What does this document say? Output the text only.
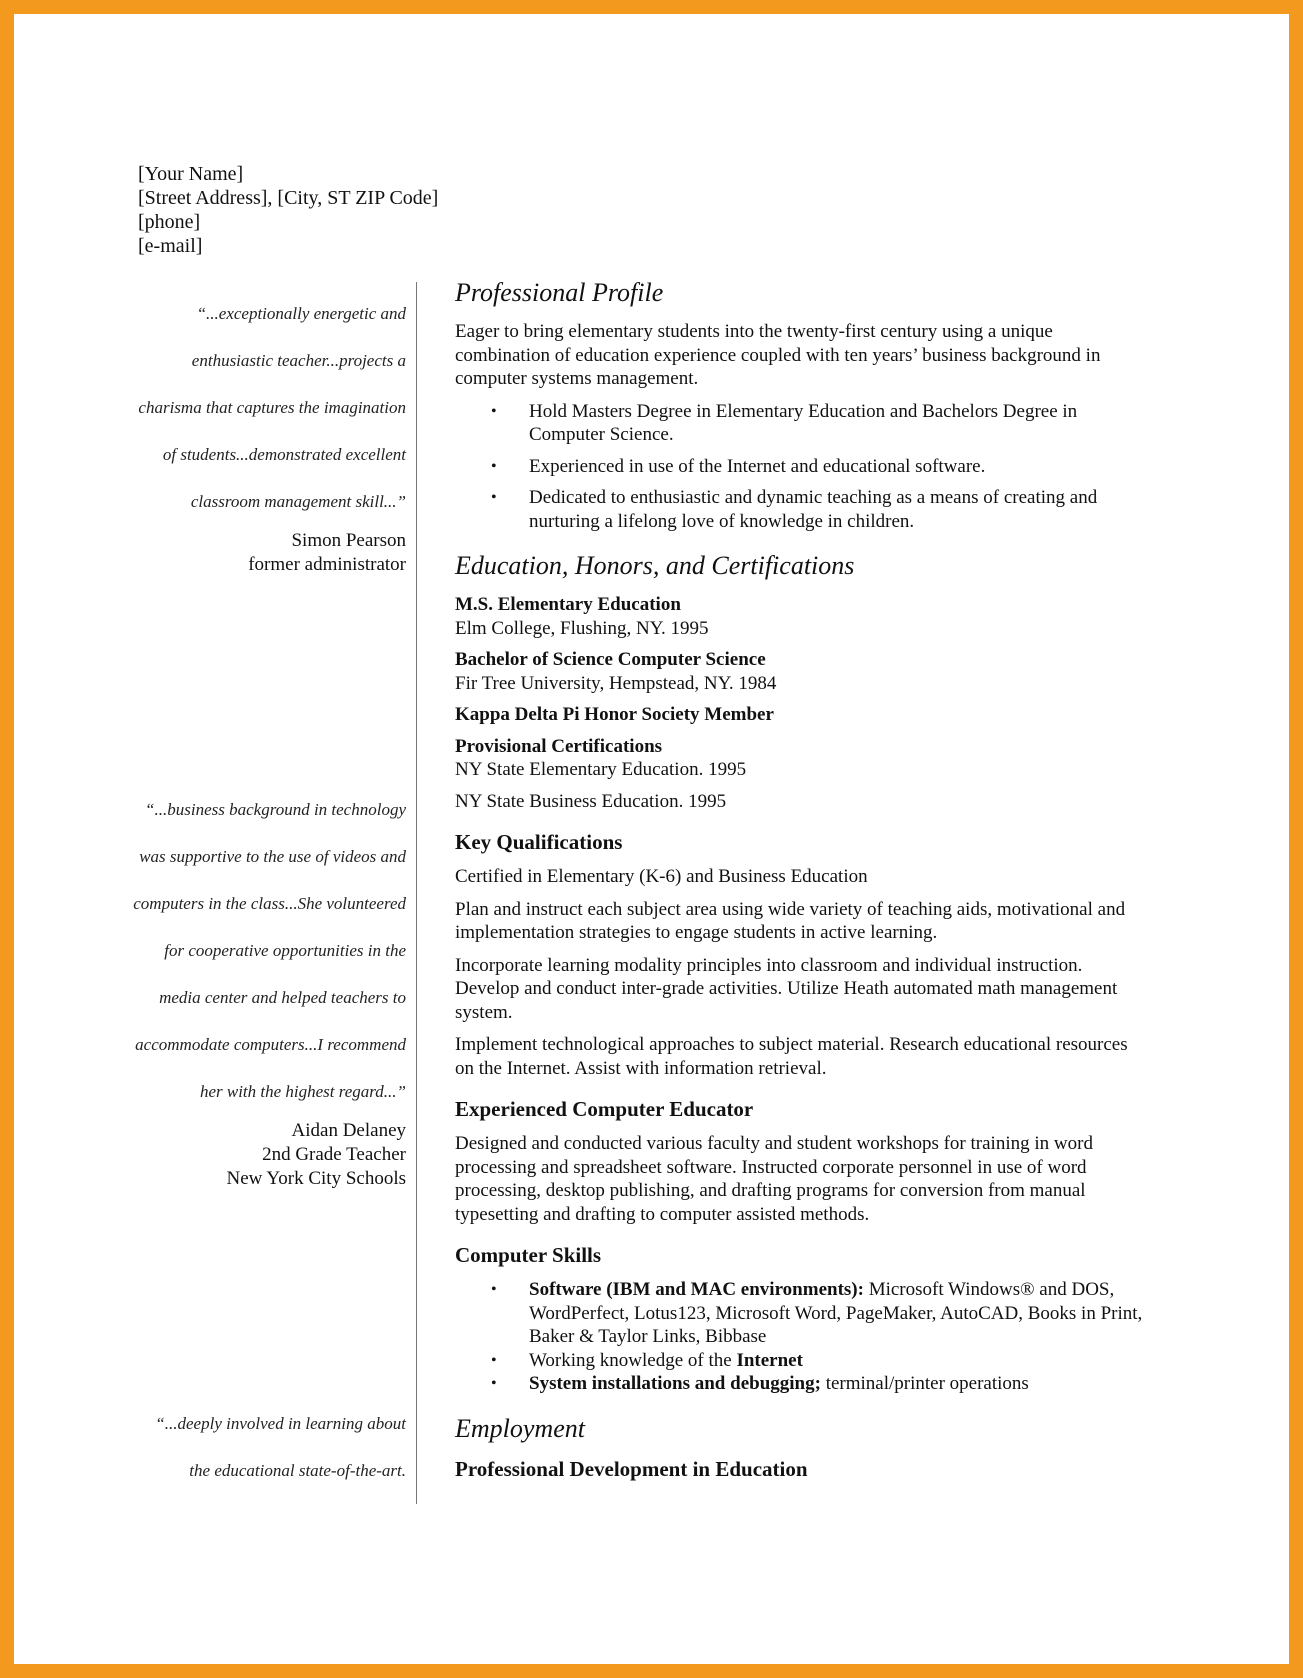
[Your Name]
[Street Address], [City, ST ZIP Code]
[phone]
[e-mail]
“...exceptionally energetic and
enthusiastic teacher...projects a
charisma that captures the imagination
of students...demonstrated excellent
classroom management skill...”
Simon Pearson
former administrator
“...business background in technology
was supportive to the use of videos and
computers in the class...She volunteered
for cooperative opportunities in the
media center and helped teachers to
accommodate computers...I recommend
her with the highest regard...”
Aidan Delaney
2nd Grade Teacher
New York City Schools
“...deeply involved in learning about
the educational state-of-the-art.
Professional Profile

Eager to bring elementary students into the twenty-first century using a unique combination of education experience coupled with ten years’ business background in computer systems management.

• Hold Masters Degree in Elementary Education and Bachelors Degree in Computer Science.
• Experienced in use of the Internet and educational software.
• Dedicated to enthusiastic and dynamic teaching as a means of creating and nurturing a lifelong love of knowledge in children.
Education, Honors, and Certifications
M.S. Elementary Education
Elm College, Flushing, NY. 1995
Bachelor of Science Computer Science
Fir Tree University, Hempstead, NY. 1984
Kappa Delta Pi Honor Society Member
Provisional Certifications
NY State Elementary Education. 1995
NY State Business Education. 1995
Key Qualifications

Certified in Elementary (K-6) and Business Education

Plan and instruct each subject area using wide variety of teaching aids, motivational and implementation strategies to engage students in active learning.

Incorporate learning modality principles into classroom and individual instruction. Develop and conduct inter-grade activities. Utilize Heath automated math management system.

Implement technological approaches to subject material. Research educational resources on the Internet. Assist with information retrieval.

Experienced Computer Educator

Designed and conducted various faculty and student workshops for training in word processing and spreadsheet software. Instructed corporate personnel in use of word processing, desktop publishing, and drafting programs for conversion from manual typesetting and drafting to computer assisted methods.

Computer Skills
• Software (IBM and MAC environments): Microsoft Windows® and DOS, WordPerfect, Lotus123, Microsoft Word, PageMaker, AutoCAD, Books in Print, Baker & Taylor Links, Bibbase
• Working knowledge of the Internet
• System installations and debugging; terminal/printer operations
Employment
Professional Development in Education
